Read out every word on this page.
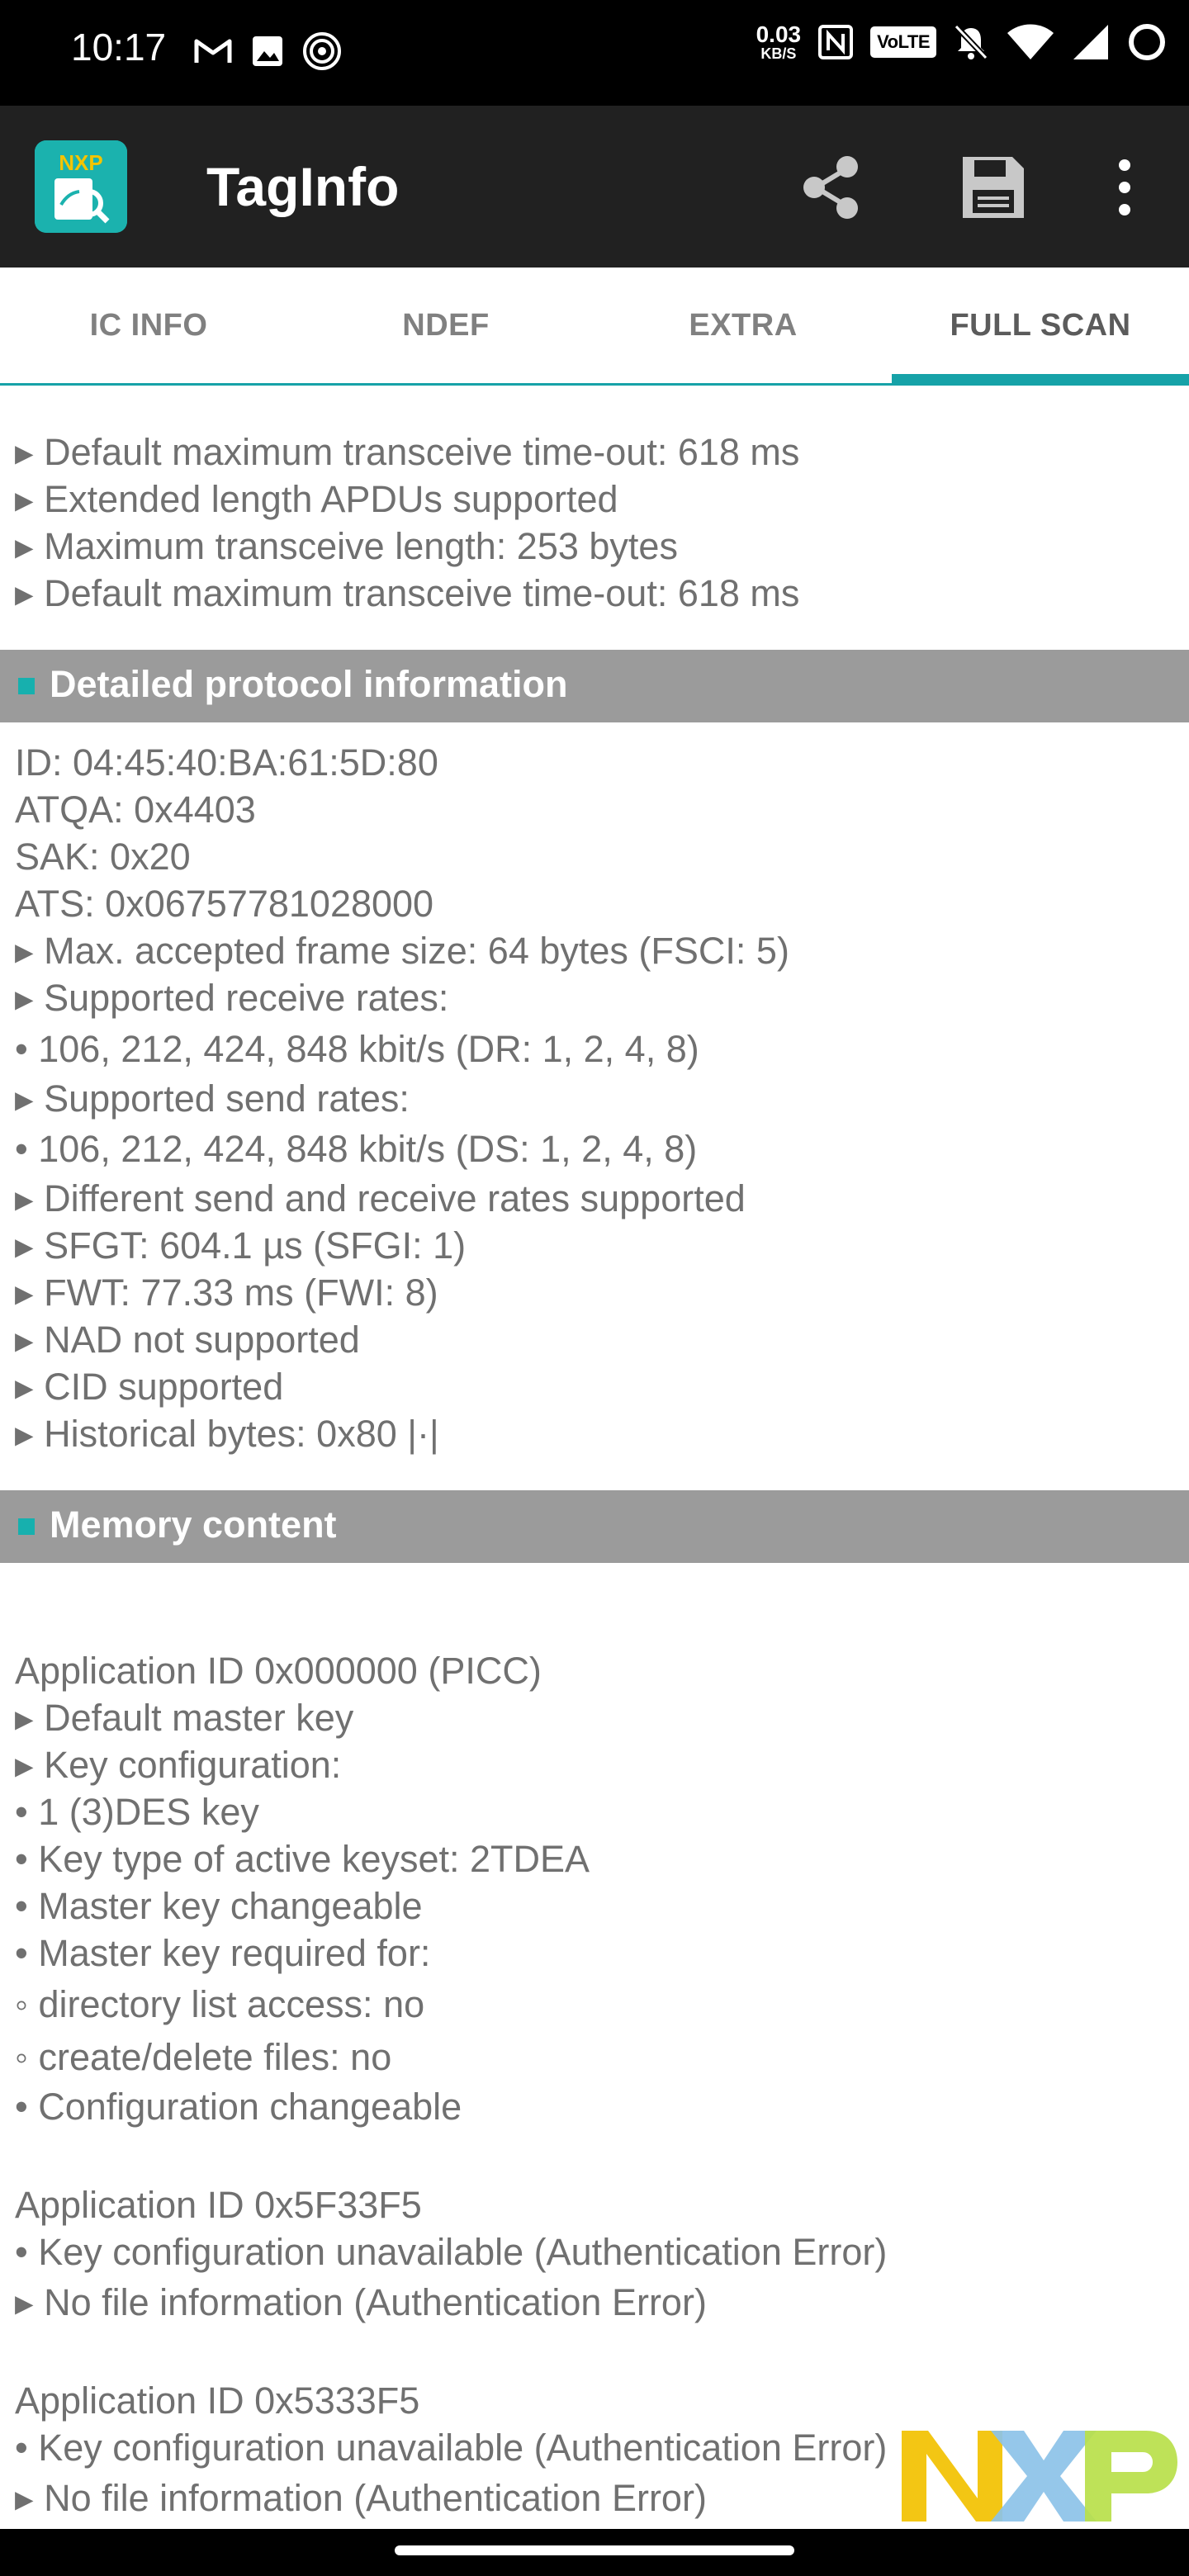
10:17	0.03
KB/S
VoLTE
NXP TagInfo
IC INFO	NDEF	EXTRA	FULL SCAN
▸ Default maximum transceive time-out: 618 ms
▸ Extended length APDUs supported
▸ Maximum transceive length: 253 bytes
▸ Default maximum transceive time-out: 618 ms
Detailed protocol information
ID: 04:45:40:BA:61:5D:80
ATQA: 0x4403
SAK: 0x20
ATS: 0x06757781028000
▸ Max. accepted frame size: 64 bytes (FSCI: 5)
▸ Supported receive rates:
• 106, 212, 424, 848 kbit/s (DR: 1, 2, 4, 8)
▸ Supported send rates:
• 106, 212, 424, 848 kbit/s (DS: 1, 2, 4, 8)
▸ Different send and receive rates supported
▸ SFGT: 604.1 µs (SFGI: 1)
▸ FWT: 77.33 ms (FWI: 8)
▸ NAD not supported
▸ CID supported
▸ Historical bytes: 0x80 |·|
Memory content
Application ID 0x000000 (PICC)
▸ Default master key
▸ Key configuration:
• 1 (3)DES key
• Key type of active keyset: 2TDEA
• Master key changeable
• Master key required for:
◦ directory list access: no
◦ create/delete files: no
• Configuration changeable
Application ID 0x5F33F5
• Key configuration unavailable (Authentication Error)
▸ No file information (Authentication Error)
Application ID 0x5333F5
• Key configuration unavailable (Authentication Error)
▸ No file information (Authentication Error)
